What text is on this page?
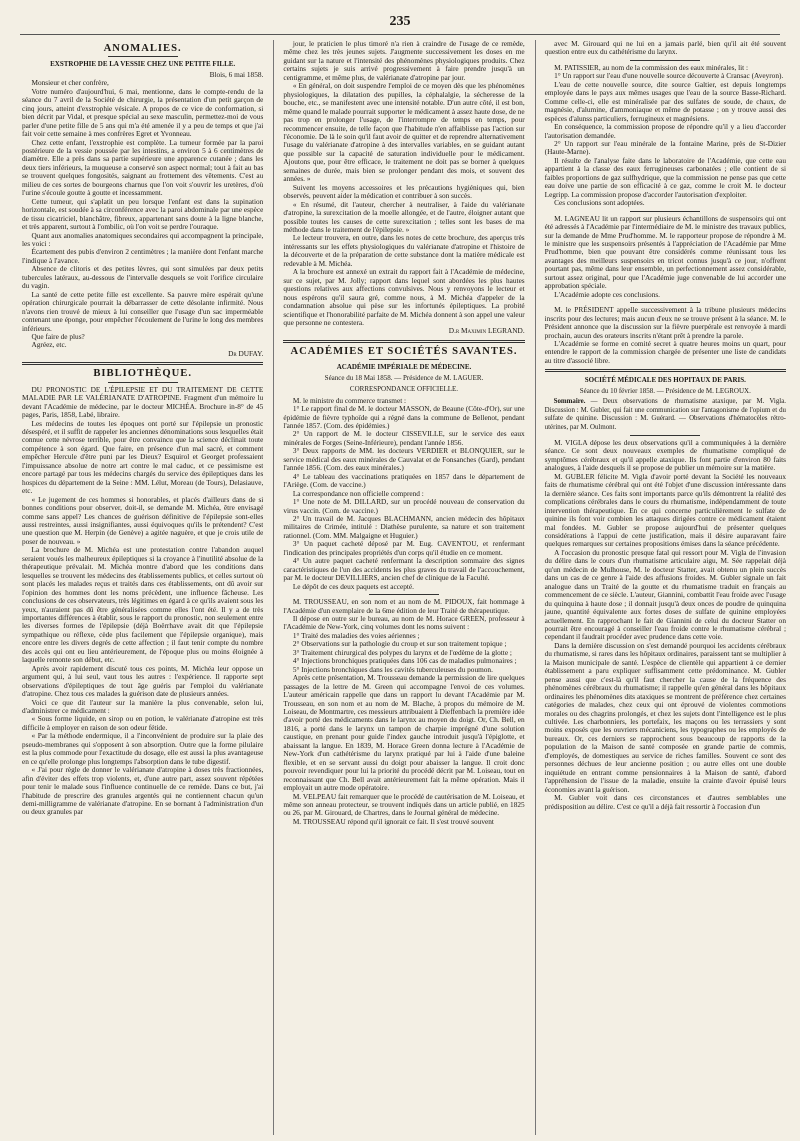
235
ANOMALIES.
EXSTROPHIE DE LA VESSIE CHEZ UNE PETITE FILLE.
Blois, 6 mai 1858.

Monsieur et cher confrère,

Votre numéro d'aujourd'hui, 6 mai, mentionne, dans le compte-rendu de la séance du 7 avril de la Société de chirurgie, la présentation d'un petit garçon de cinq jours, atteint d'exstrophie vésicale. A propos de ce vice de conformation, si bien décrit par Vidal, et presque spécial au sexe masculin, permettez-moi de vous parler d'une petite fille de 5 ans qui m'a été amenée il y a peu de temps et que j'ai fait voir cette semaine à mes confrères Egret et Yvonneau.

Chez cette enfant, l'exstrophie est complète. La tumeur formée par la paroi postérieure de la vessie poussée par les intestins, a environ 5 à 6 centimètres de diamètre. Elle a près dans sa partie supérieure une apparence cutanée ; dans les deux tiers inférieurs, la muqueuse a conservé son aspect normal; tout à fait au bas se trouvent quelques fongosités, saignant au frottement des vêtements. C'est au milieu de ces sortes de bourgeons charnus que l'on voit s'ouvrir les uretères, d'où l'urine s'écoule goutte à goutte et incessamment.

Cette tumeur, qui s'aplatit un peu lorsque l'enfant est dans la supination horizontale, est soudée à sa circonférence avec la paroi abdominale par une espèce de tissu cicatriciel, blanchâtre, fibreux, appartenant sans doute à la ligne blanche, et très apparent, surtout à l'ombilic, où l'on voit se perdre l'ouraque.

Quant aux anomalies anatomiques secondaires qui accompagnent la principale, les voici :

Écartement des pubis d'environ 2 centimètres ; la manière dont l'enfant marche l'indique à l'avance.

Absence de clitoris et des petites lèvres, qui sont simulées par deux petits tubercules latéraux, au-dessous de l'intervalle desquels se voit l'orifice circulaire du vagin.

La santé de cette petite fille est excellente. Sa pauvre mère espérait qu'une opération chirurgicale pourrait la débarrasser de cette désolante infirmité. Nous n'avons rien trouvé de mieux à lui conseiller que l'usage d'un sac imperméable contenant une éponge, pour empêcher l'écoulement de l'urine le long des membres inférieurs.

Que faire de plus?

Agréez, etc.

Dr DUFAY.
BIBLIOTHÈQUE.

DU PRONOSTIC DE L'ÉPILEPSIE ET DU TRAITEMENT DE CETTE MALADIE PAR LE VALÉRIANATE D'ATROPINE. Fragment d'un mémoire lu devant l'Académie de médecine, par le docteur MICHÉA. Brochure in-8° de 45 pages, Paris, 1858, Labé, libraire.

Les médecins de toutes les époques ont porté sur l'épilepsie un pronostic désespéré, et il suffit de rappeler les anciennes dénominations sous lesquelles était connue cette névrose terrible, pour être convaincu que la science déclinait toute compétence à son égard. Que faire, en présence d'un mal sacré, et comment empêcher Hercule d'être puni par les Dieux? Esquirol et Georget professaient l'impuissance absolue de notre art contre le mal caduc, et ce pessimisme est encore partagé par tous les médecins chargés du service des épileptiques dans les hospices du département de la Seine : MM. Lélut, Moreau (de Tours), Delasiauve, etc.

« Le jugement de ces hommes si honorables, et placés d'ailleurs dans de si bonnes conditions pour observer, doit-il, se demande M. Michéa, être envisagé comme sans appel? Les chances de guérison définitive de l'épilepsie sont-elles aussi restreintes, aussi insignifiantes, aussi équivoques qu'ils le prétendent? C'est une question que M. Herpin (de Genève) a agitée naguère, et que je crois utile de poser de nouveau. »

La brochure de M. Michéa est une protestation contre l'abandon auquel seraient voués les malheureux épileptiques si la croyance à l'inutilité absolue de la thérapeutique prévalait. M. Michéa montre d'abord que les conditions dans lesquelles se trouvent les médecins des établissements publics, et celles surtout où sont placés les malades reçus et traités dans ces établissements, ont dû avoir sur l'opinion des hommes dont les noms précèdent, une influence fâcheuse. Les conclusions de ces observateurs, très légitimes en égard à ce qu'ils avaient sous les yeux, n'auraient pas dû être généralisées comme elles l'ont été. Il y a de très importantes différences à établir, sous le rapport du pronostic, non seulement entre les diverses formes de l'épilepsie (déjà Boërrhave avait dit que l'épilepsie sympathique ou réflexe, cède plus facilement que l'épilepsie organique), mais encore entre les divers degrés de cette affection ; il faut tenir compte du nombre des accès qui ont eu lieu antérieurement, de l'époque plus ou moins éloignée à laquelle remonte son début, etc.

Après avoir rapidement discuté tous ces points, M. Michéa leur oppose un argument qui, à lui seul, vaut tous les autres : l'expérience. Il rapporte sept observations d'épileptiques de tout âge guéris par l'emploi du valérianate d'atropine. Chez tous ces malades la guérison date de plusieurs années.

Voici ce que dit l'auteur sur la manière la plus convenable, selon lui, d'administrer ce médicament :

« Sous forme liquide, en sirop ou en potion, le valérianate d'atropine est très difficile à employer en raison de son odeur fétide.

« Par la méthode endermique, il a l'inconvénient de produire sur la plaie des pseudo-membranes qui s'opposent à son absorption. Outre que la forme pilulaire est la plus commode pour l'exactitude du dosage, elle est aussi la plus avantageuse en ce qu'elle prolonge plus longtemps l'absorption dans le tube digestif.

« J'ai pour règle de donner le valérianate d'atropine à doses très fractionnées, afin d'éviter des effets trop violents, et, d'une autre part, assez souvent répétées pour tenir le malade sous l'influence continuelle de ce remède. Dans ce but, j'ai l'habitude de prescrire des granules argentés qui ne contiennent chacun qu'un demi-milligramme de valérianate d'atropine. En se bornant à l'administration d'un ou deux granules par

jour, le praticien le plus timoré n'a rien à craindre de l'usage de ce remède, même chez les très jeunes sujets. J'augmente successivement les doses en me guidant sur la nature et l'intensité des phénomènes physiologiques produits. Chez certains sujets je suis arrivé progressivement à faire prendre jusqu'à un centigramme, et même plus, de valérianate d'atropine par jour.

« En général, on doit suspendre l'emploi de ce moyen dès que les phénomènes physiologiques, la dilatation des pupilles, la céphalalgie, la sécheresse de la bouche, etc., se manifestent avec une intensité notable. D'un autre côté, il est bon, même quand le malade pourrait supporter le médicament à assez haute dose, de ne pas trop en prolonger l'usage, de l'interrompre de temps en temps, pour recommencer ensuite, de telle façon que l'habitude n'en affaiblisse pas l'action sur l'économie. De là le soin qu'il faut avoir de quitter et de reprendre alternativement l'usage du valérianate d'atropine à des intervalles variables, en se guidant autant que possible sur la capacité de saturation individuelle pour le médicament. Ajoutons que, pour être efficace, le traitement ne doit pas se borner à quelques semaines de durée, mais bien se prolonger pendant des mois, et souvent des années. »

Suivent les moyens accessoires et les précautions hygiéniques qui, bien observés, peuvent aider la médication et contribuer à son succès.

« En résumé, dit l'auteur, chercher à neutraliser, à l'aide du valérianate d'atropine, la surexcitation de la moelle allongée, et de l'autre, éloigner autant que possible toutes les causes de cette surexcitation ; telles sont les bases de ma méthode dans le traitement de l'épilepsie. »

Le lecteur trouvera, en outre, dans les notes de cette brochure, des aperçus très intéressants sur les effets physiologiques du valérianate d'atropine et l'histoire de la découverte et de la préparation de cette substance dont la matière médicale est redevable à M. Michéa.

A la brochure est annexé un extrait du rapport fait à l'Académie de médecine, sur ce sujet, par M. Jolly; rapport dans lequel sont abordées les plus hautes questions relatives aux affections convulsives. Nous y renvoyons le lecteur et nous espérons qu'il saura gré, comme nous, à M. Michéa d'appeler de la condamnation absolue qui pèse sur les infortunés épileptiques. La probité scientifique et l'honorabilité parfaite de M. Michéa donnent à son appel une valeur que personne ne contestera.

D.r Maximin LEGRAND.
ACADÉMIES ET SOCIÉTÉS SAVANTES.
ACADÉMIE IMPÉRIALE DE MÉDECINE.
Séance du 18 Mai 1858. — Présidence de M. LAGUER.
CORRESPONDANCE OFFICIELLE.

M. le ministre du commerce transmet :

1° Le rapport final de M. le docteur MASSON, de Beaune (Côte-d'Or), sur une épidémie de fièvre typhoïde qui a régné dans la commune de Bellenot, pendant l'année 1857. (Com. des épidémies.)

2° Un rapport de M. le docteur CISSEVILLE, sur le service des eaux minérales de Forges (Seine-Inférieure), pendant l'année 1856.

3° Deux rapports de MM. les docteurs VERDIER et BLONQUIER, sur le service médical des eaux minérales de Cauvalat et de Fonsanches (Gard), pendant l'année 1856. (Com. des eaux minérales.)

4° Le tableau des vaccinations pratiquées en 1857 dans le département de l'Ariège. (Com. de vaccine.)

La correspondance non officielle comprend :

1° Une note de M. DILLARD, sur un procédé nouveau de conservation du virus vaccin. (Com. de vaccine.)

2° Un travail de M. Jacques BLACHMANN, ancien médecin des hôpitaux militaires de Crimée, intitulé : Diathèse purulente, sa nature et son traitement rationnel. (Com. MM. Malgaigne et Huguier.)

3° Un paquet cacheté déposé par M. Eug. CAVENTOU, et renfermant l'indication des principales propriétés d'un corps qu'il étudie en ce moment.

4° Un autre paquet cacheté renfermant la description sommaire des signes caractéristiques de l'un des accidents les plus graves du travail de l'accouchement, par M. le docteur DEVILLIERS, ancien chef de clinique de la Faculté.

Le dépôt de ces deux paquets est accepté.

M. TROUSSEAU, en son nom et au nom de M. PIDOUX, fait hommage à l'Académie d'un exemplaire de la 6me édition de leur Traité de thérapeutique.

Il dépose en outre sur le bureau, au nom de M. Horace GREEN, professeur à l'Académie de New-York, cinq volumes dont les noms suivent :

1° Traité des maladies des voies aériennes ;

2° Observations sur la pathologie du croup et sur son traitement topique ;

3° Traitement chirurgical des polypes du larynx et de l'œdème de la glotte ;

4° Injections bronchiques pratiquées dans 106 cas de maladies pulmonaires ;

5° Injections bronchiques dans les cavités tuberculeuses du poumon.

Après cette présentation, M. Trousseau demande la permission de lire quelques passages de la lettre de M. Green qui accompagne l'envoi de ces volumes. L'auteur américain rappelle que dans un rapport lu devant l'Académie par M. Trousseau, en son nom et au nom de M. Blache, à propos du mémoire de M. Loiseau, de Montmartre, ces messieurs attribuaient à Dieffenbach la première idée d'avoir porté des médicaments dans le larynx au moyen du doigt. Or, Ch. Bell, en 1816, a porté dans le larynx un tampon de charpie imprégné d'une solution caustique, en prenant pour guide l'index gauche introduit jusqu'à l'épiglotte, et abaissant la langue. En 1839, M. Horace Green donna lecture à l'Académie de New-York d'un cathétérisme du larynx pratiqué par lui à l'aide d'une baleine flexible, et en se servant aussi du doigt pour abaisser la langue. Il croit donc pouvoir revendiquer pour lui la priorité du procédé décrit par M. Loiseau, tout en reconnaissant que Ch. Bell avait antérieurement fait la même opération. Mais il employait un autre mode opératoire.

M. VELPEAU fait remarquer que le procédé de cautérisation de M. Loiseau, et même son anneau protecteur, se trouvent indiqués dans un article publié, en 1825 ou 26, par M. Girouard, de Chartres, dans le Journal général de médecine.

M. TROUSSEAU répond qu'il ignorait ce fait. Il s'est trouvé souvent

avec M. Girouard qui ne lui en a jamais parlé, bien qu'il ait été souvent question entre eux du cathétérisme du larynx.

M. PATISSIER, au nom de la commission des eaux minérales, lit :

1° Un rapport sur l'eau d'une nouvelle source découverte à Cransac (Aveyron).

L'eau de cette nouvelle source, dite source Galtier, est depuis longtemps employée dans le pays aux mêmes usages que l'eau de la source Basse-Richard. Comme celle-ci, elle est minéralisée par des sulfates de soude, de chaux, de magnésie, d'alumine, d'ammoniaque et même de potasse ; on y trouve aussi des espèces d'alunss particuliers, ferrugineux et magnésiens.

En conséquence, la commission propose de répondre qu'il y a lieu d'accorder l'autorisation demandée.

2° Un rapport sur l'eau minérale de la fontaine Marine, près de St-Dizier (Haute-Marne).

Il résulte de l'analyse faite dans le laboratoire de l'Académie, que cette eau appartient à la classe des eaux ferrugineuses carbonatées ; elle contient de si faibles proportions de gaz sulfhydrique, que la commission ne pense pas que cette eau doive une partie de son efficacité à ce gaz, comme le croit M. le docteur Legripp. La commission propose d'accorder l'autorisation d'exploiter.

Ces conclusions sont adoptées.

M. LAGNEAU lit un rapport sur plusieurs échantillons de suspensoirs qui ont été adressés à l'Académie par l'intermédiaire de M. le ministre des travaux publics, sur la demande de Mme Prud'homme. M. le rapporteur propose de répondre à M. le ministre que les suspensoirs présentés à l'appréciation de l'Académie par Mme Prud'homme, bien que pouvant être considérés comme réunissant tous les avantages des meilleurs suspensoirs en tricot connus jusqu'à ce jour, n'offrent pourtant pas, même dans leur ensemble, un perfectionnement assez considérable, surtout assez original, pour que l'Académie juge convenable de lui accorder une approbation spéciale.

L'Académie adopte ces conclusions.

M. le PRÉSIDENT appelle successivement à la tribune plusieurs médecins inscrits pour des lectures; mais aucun d'eux ne se trouve présent à la séance. M. le Président annonce que la discussion sur la fièvre puerpérale est renvoyée à mardi prochain, aucun des orateurs inscrits n'étant prêt à prendre la parole.

L'Académie se forme en comité secret à quatre heures moins un quart, pour entendre le rapport de la commission chargée de présenter une liste de candidats au titre d'associé libre.

SOCIÉTÉ MÉDICALE DES HOPITAUX DE PARIS.
Séance du 10 février 1858. — Présidence de M. LEGROUX.

Sommaire. — Deux observations de rhumatisme ataxique, par M. Vigla. Discussion : M. Gubler, qui fait une communication sur l'antagonisme de l'opium et du sulfate de quinine. Discussion : M. Guérard. — Observations d'hématocèles rétro-utérines, par M. Oulmont.

M. VIGLA dépose les deux observations qu'il a communiquées à la dernière séance. Ce sont deux nouveaux exemples de rhumatisme compliqué de symptômes cérébraux et qu'il appelle ataxique. Ils font partie d'environ 80 faits analogues, à l'aide desquels il se propose de publier un mémoire sur la matière.

M. GUBLER félicite M. Vigla d'avoir porté devant la Société les nouveaux faits de rhumatisme cérébral qui ont été l'objet d'une discussion intéressante dans la dernière séance. Ces faits sont importants parce qu'ils démontrent la réalité des complications cérébrales dans le cours du rhumatisme, indépendamment de toute intervention thérapeutique. En ce qui concerne particulièrement le sulfate de quinine ils font voir combien les attaques dirigées contre ce médicament étaient mal fondées. M. Gubler se propose aujourd'hui de présenter quelques considérations à l'appui de cette justification, mais il désire auparavant faire quelques remarques sur certaines propositions émises dans la séance précédente.

A l'occasion du pronostic presque fatal qui ressort pour M. Vigla de l'invasion du délire dans le cours d'un rhumatisme articulaire aigu, M. Sée rappelait déjà qu'un médecin de Mulhouse, M. le docteur Statter, avait obtenu un plein succès dans un cas de ce genre à l'aide des affusions froides. M. Gubler signale un fait analogue dans un Traité de la goutte et du rhumatisme traduit en français au commencement de ce siècle. L'auteur, Giannini, combattit l'eau froide avec l'usage du quinquina à haute dose ; il donnait jusqu'à deux onces de poudre de quinquina jaune, quantité équivalente aux fortes doses de sulfate de quinine employées actuellement. En rapprochant le fait de Giannini de celui du docteur Statter on pourrait être encouragé à conseiller l'eau froide contre le rhumatisme cérébral ; cependant il faudrait procéder avec prudence dans cette voie.

Dans la dernière discussion on s'est demandé pourquoi les accidents cérébraux du rhumatisme, si rares dans les hôpitaux ordinaires, paraissent tant se multiplier à la Maison municipale de santé. L'espèce de clientèle qui appartient à ce dernier établissement a paru expliquer suffisamment cette prédominance. M. Gubler pense aussi que c'est-là qu'il faut chercher la cause de la fréquence des phénomènes cérébraux du rhumatisme; il rappelle qu'en général dans les hôpitaux ordinaires les phénomènes dits ataxiques se montrent de préférence chez certaines catégories de malades, chez ceux qui ont éprouvé de violentes commotions morales ou des chagrins prolongés, et chez les sujets dont l'intelligence est le plus cultivée. Les charbonniers, les portefaix, les maçons ou les terrassiers y sont moins exposés que les ouvriers mécaniciens, les typographes ou les employés de bureaux. Or, ces derniers se rapprochent sous beaucoup de rapports de la population de la Maison de santé composée en grande partie de commis, d'employés, de domestiques au service de riches familles. Souvent ce sont des personnes déchues de leur ancienne position ; ou autre elles ont une double inquiétude en entrant comme pensionnaires à la Maison de santé, d'abord l'appréhension de l'issue de la maladie, ensuite la crainte d'avoir épuisé leurs économies avant la guérison.

M. Gubler voit dans ces circonstances et d'autres semblables une prédisposition au délire. C'est ce qu'il a déjà fait ressortir à l'occasion d'un
